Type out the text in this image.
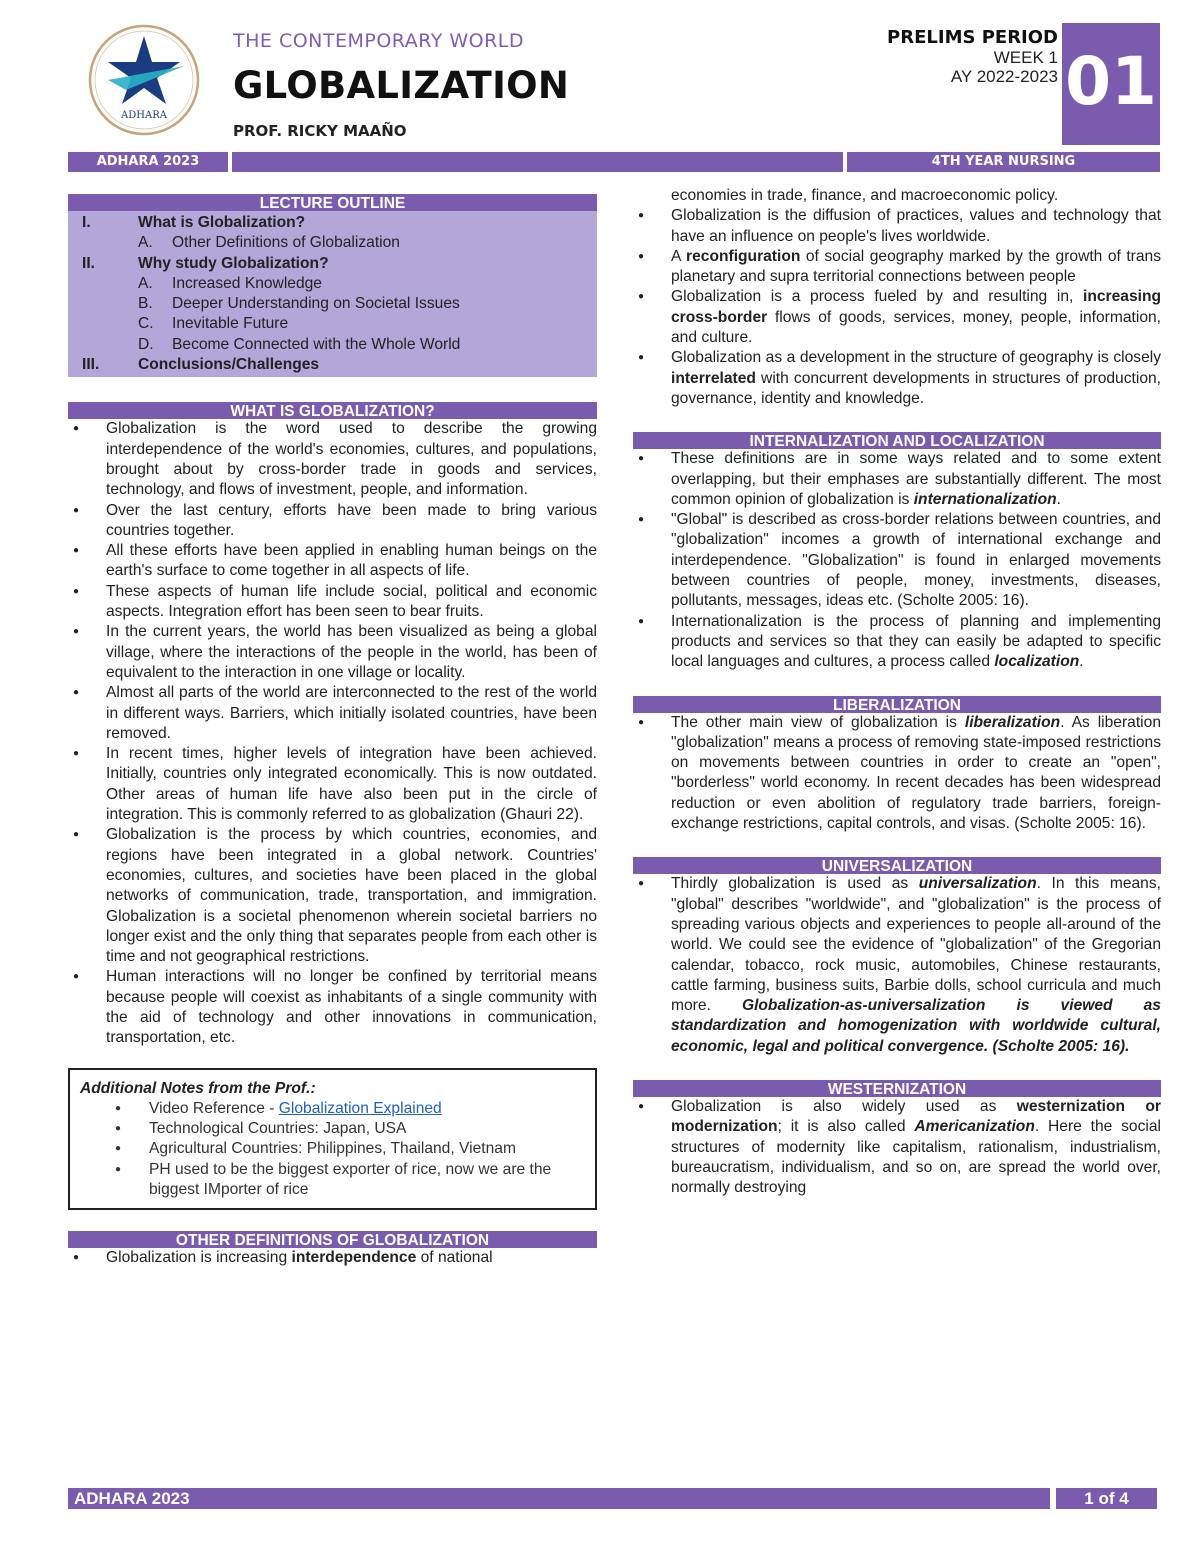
ADHARA
THE CONTEMPORARY WORLD
GLOBALIZATION
PROF. RICKY MAAÑO
PRELIMS PERIOD
WEEK 1
AY 2022-2023 01
ADHARA 2023	4TH YEAR NURSING
LECTURE OUTLINE
I.	What is Globalization?
A.	Other Definitions of Globalization
II.	Why study Globalization?
A.	Increased Knowledge
B.	Deeper Understanding on Societal Issues
C.	Inevitable Future
D.	Become Connected with the Whole World
III.	Conclusions/Challenges
WHAT IS GLOBALIZATION?
● Globalization is the word used to describe the growing interdependence of the world's economies, cultures, and populations, brought about by cross-border trade in goods and services, technology, and flows of investment, people, and information.
● Over the last century, efforts have been made to bring various countries together.
● All these efforts have been applied in enabling human beings on the earth's surface to come together in all aspects of life.
● These aspects of human life include social, political and economic aspects. Integration effort has been seen to bear fruits.
● In the current years, the world has been visualized as being a global village, where the interactions of the people in the world, has been of equivalent to the interaction in one village or locality.
● Almost all parts of the world are interconnected to the rest of the world in different ways. Barriers, which initially isolated countries, have been removed.
● In recent times, higher levels of integration have been achieved. Initially, countries only integrated economically. This is now outdated. Other areas of human life have also been put in the circle of integration. This is commonly referred to as globalization (Ghauri 22).
● Globalization is the process by which countries, economies, and regions have been integrated in a global network. Countries' economies, cultures, and societies have been placed in the global networks of communication, trade, transportation, and immigration. Globalization is a societal phenomenon wherein societal barriers no longer exist and the only thing that separates people from each other is time and not geographical restrictions.
● Human interactions will no longer be confined by territorial means because people will coexist as inhabitants of a single community with the aid of technology and other innovations in communication, transportation, etc.
Additional Notes from the Prof.:
● Video Reference - Globalization Explained
● Technological Countries: Japan, USA
● Agricultural Countries: Philippines, Thailand, Vietnam
● PH used to be the biggest exporter of rice, now we are the biggest IMporter of rice
OTHER DEFINITIONS OF GLOBALIZATION
● Globalization is increasing interdependence of national
economies in trade, finance, and macroeconomic policy.
● Globalization is the diffusion of practices, values and technology that have an influence on people's lives worldwide.
● A reconfiguration of social geography marked by the growth of trans planetary and supra territorial connections between people
● Globalization is a process fueled by and resulting in, increasing cross-border flows of goods, services, money, people, information, and culture.
● Globalization as a development in the structure of geography is closely interrelated with concurrent developments in structures of production, governance, identity and knowledge.
INTERNALIZATION AND LOCALIZATION
● These definitions are in some ways related and to some extent overlapping, but their emphases are substantially different. The most common opinion of globalization is internationalization.
● "Global" is described as cross-border relations between countries, and "globalization" incomes a growth of international exchange and interdependence. "Globalization" is found in enlarged movements between countries of people, money, investments, diseases, pollutants, messages, ideas etc. (Scholte 2005: 16).
● Internationalization is the process of planning and implementing products and services so that they can easily be adapted to specific local languages and cultures, a process called localization.
LIBERALIZATION
● The other main view of globalization is liberalization. As liberation "globalization" means a process of removing state-imposed restrictions on movements between countries in order to create an "open", "borderless" world economy. In recent decades has been widespread reduction or even abolition of regulatory trade barriers, foreign-exchange restrictions, capital controls, and visas. (Scholte 2005: 16).
UNIVERSALIZATION
● Thirdly globalization is used as universalization. In this means, "global" describes "worldwide", and "globalization" is the process of spreading various objects and experiences to people all-around of the world. We could see the evidence of "globalization" of the Gregorian calendar, tobacco, rock music, automobiles, Chinese restaurants, cattle farming, business suits, Barbie dolls, school curricula and much more. Globalization-as-universalization is viewed as standardization and homogenization with worldwide cultural, economic, legal and political convergence. (Scholte 2005: 16).
WESTERNIZATION
● Globalization is also widely used as westernization or modernization; it is also called Americanization. Here the social structures of modernity like capitalism, rationalism, industrialism, bureaucratism, individualism, and so on, are spread the world over, normally destroying
ADHARA 2023	1 of 4
